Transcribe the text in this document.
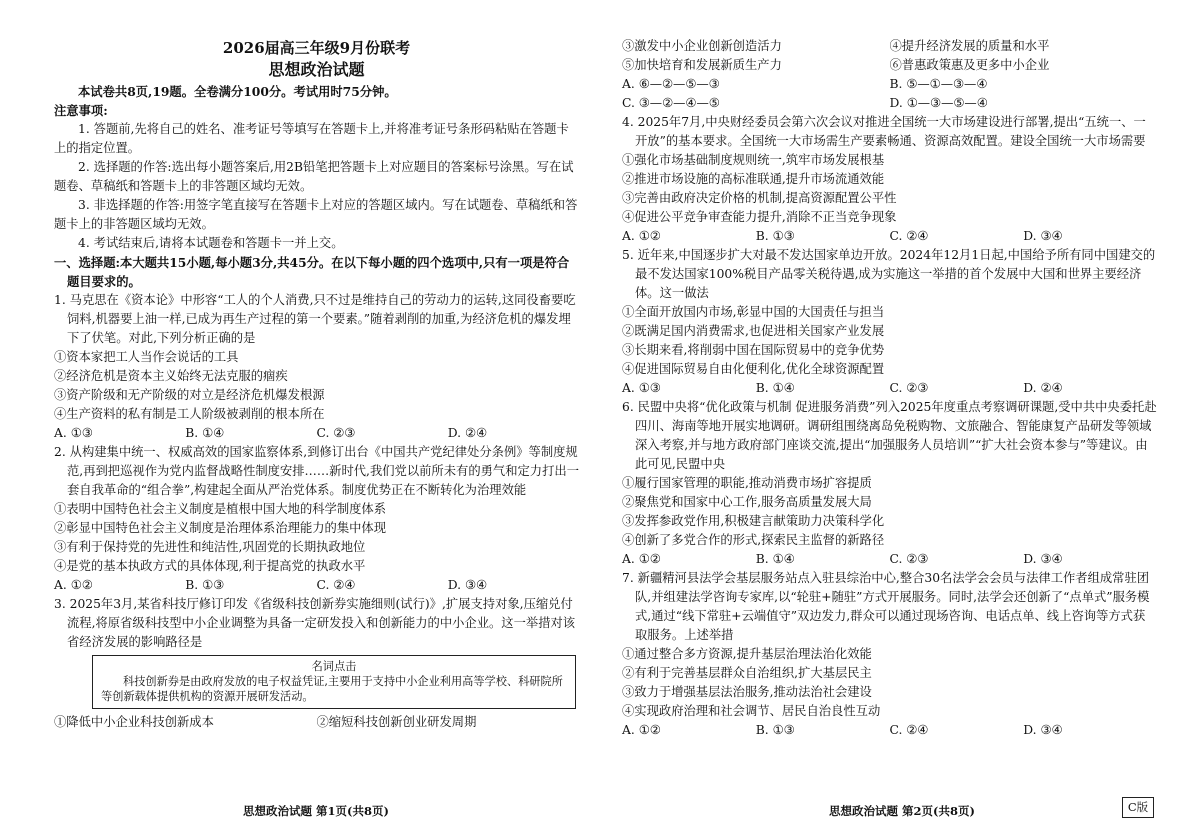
2026届高三年级9月份联考
思想政治试题
本试卷共8页,19题。全卷满分100分。考试用时75分钟。
注意事项:
1. 答题前,先将自己的姓名、准考证号等填写在答题卡上,并将准考证号条形码粘贴在答题卡上的指定位置。
2. 选择题的作答:选出每小题答案后,用2B铅笔把答题卡上对应题目的答案标号涂黑。写在试题卷、草稿纸和答题卡上的非答题区域均无效。
3. 非选择题的作答:用签字笔直接写在答题卡上对应的答题区域内。写在试题卷、草稿纸和答题卡上的非答题区域均无效。
4. 考试结束后,请将本试题卷和答题卡一并上交。
一、选择题:本大题共15小题,每小题3分,共45分。在以下每小题的四个选项中,只有一项是符合题目要求的。
1. 马克思在《资本论》中形容“工人的个人消费,只不过是维持自己的劳动力的运转,这同役畜要吃饲料,机器要上油一样,已成为再生产过程的第一个要素。”随着剥削的加重,为经济危机的爆发埋下了伏笔。对此,下列分析正确的是
①资本家把工人当作会说话的工具
②经济危机是资本主义始终无法克服的痼疾
③资产阶级和无产阶级的对立是经济危机爆发根源
④生产资料的私有制是工人阶级被剥削的根本所在
A. ①③	B. ①④	C. ②③	D. ②④
2. 从构建集中统一、权威高效的国家监察体系,到修订出台《中国共产党纪律处分条例》等制度规范,再到把巡视作为党内监督战略性制度安排……新时代,我们党以前所未有的勇气和定力打出一套自我革命的“组合拳”,构建起全面从严治党体系。制度优势正在不断转化为治理效能
①表明中国特色社会主义制度是植根中国大地的科学制度体系
②彰显中国特色社会主义制度是治理体系治理能力的集中体现
③有利于保持党的先进性和纯洁性,巩固党的长期执政地位
④是党的基本执政方式的具体体现,利于提高党的执政水平
A. ①②	B. ①③	C. ②④	D. ③④
3. 2025年3月,某省科技厅修订印发《省级科技创新券实施细则(试行)》,扩展支持对象,压缩兑付流程,将原省级科技型中小企业调整为具备一定研发投入和创新能力的中小企业。这一举措对该省经济发展的影响路径是
名词点击
科技创新券是由政府发放的电子权益凭证,主要用于支持中小企业利用高等学校、科研院所等创新载体提供机构的资源开展研发活动。
①降低中小企业科技创新成本	②缩短科技创新创业研发周期
③激发中小企业创新创造活力	④提升经济发展的质量和水平
⑤加快培育和发展新质生产力	⑥普惠政策惠及更多中小企业
A. ⑥—②—⑤—③	B. ⑤—①—③—④
C. ③—②—④—⑤	D. ①—③—⑤—④
4. 2025年7月,中央财经委员会第六次会议对推进全国统一大市场建设进行部署,提出“五统一、一开放”的基本要求。全国统一大市场需生产要素畅通、资源高效配置。建设全国统一大市场需要
①强化市场基础制度规则统一,筑牢市场发展根基
②推进市场设施的高标准联通,提升市场流通效能
③完善由政府决定价格的机制,提高资源配置公平性
④促进公平竞争审查能力提升,消除不正当竞争现象
A. ①②	B. ①③	C. ②④	D. ③④
5. 近年来,中国逐步扩大对最不发达国家单边开放。2024年12月1日起,中国给予所有同中国建交的最不发达国家100%税目产品零关税待遇,成为实施这一举措的首个发展中大国和世界主要经济体。这一做法
①全面开放国内市场,彰显中国的大国责任与担当
②既满足国内消费需求,也促进相关国家产业发展
③长期来看,将削弱中国在国际贸易中的竞争优势
④促进国际贸易自由化便利化,优化全球资源配置
A. ①③	B. ①④	C. ②③	D. ②④
6. 民盟中央将“优化政策与机制 促进服务消费”列入2025年度重点考察调研课题,受中共中央委托赴四川、海南等地开展实地调研。调研组围绕离岛免税购物、文旅融合、智能康复产品研发等领域深入考察,并与地方政府部门座谈交流,提出“加强服务人员培训”“扩大社会资本参与”等建议。由此可见,民盟中央
①履行国家管理的职能,推动消费市场扩容提质
②聚焦党和国家中心工作,服务高质量发展大局
③发挥参政党作用,积极建言献策助力决策科学化
④创新了多党合作的形式,探索民主监督的新路径
A. ①②	B. ①④	C. ②③	D. ③④
7. 新疆精河县法学会基层服务站点入驻县综治中心,整合30名法学会会员与法律工作者组成常驻团队,并组建法学咨询专家库,以“轮驻+随驻”方式开展服务。同时,法学会还创新了“点单式”服务模式,通过“线下常驻+云端值守”双边发力,群众可以通过现场咨询、电话点单、线上咨询等方式获取服务。上述举措
①通过整合多方资源,提升基层治理法治化效能
②有利于完善基层群众自治组织,扩大基层民主
③致力于增强基层法治服务,推动法治社会建设
④实现政府治理和社会调节、居民自治良性互动
A. ①②	B. ①③	C. ②④	D. ③④
思想政治试题 第1页(共8页)	思想政治试题 第2页(共8页)	C版
